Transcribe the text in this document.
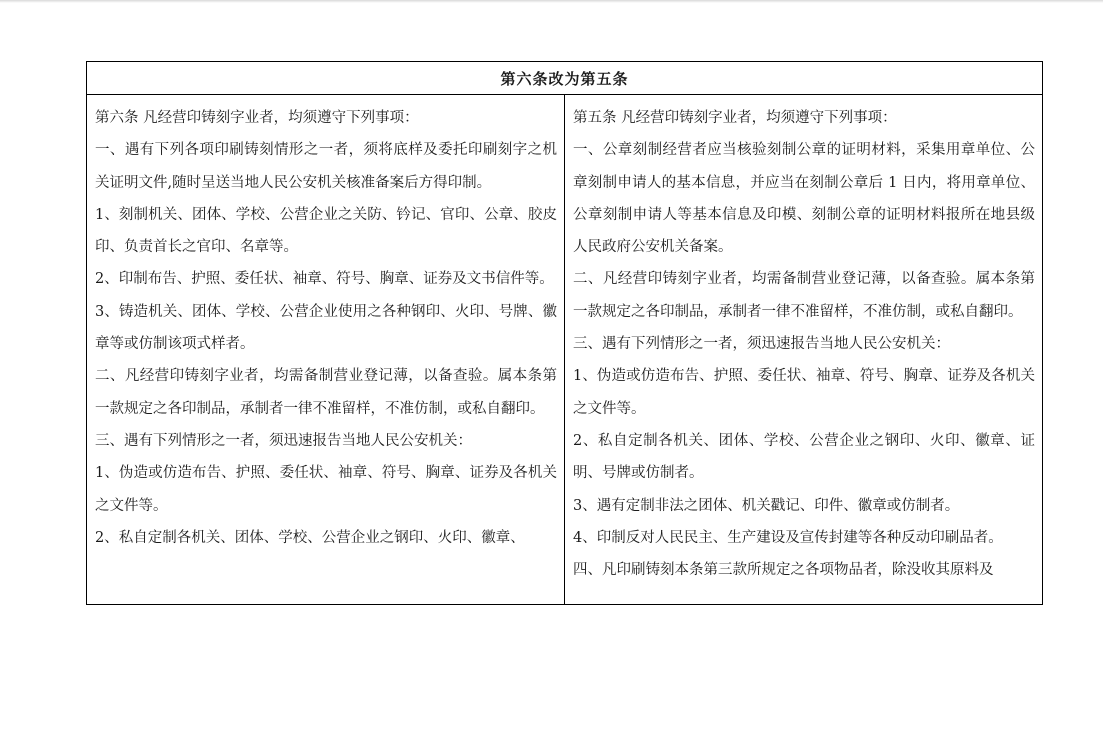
第六条改为第五条

第六条 凡经营印铸刻字业者，均须遵守下列事项：

一、遇有下列各项印刷铸刻情形之一者，须将底样及委托印刷刻字之机关证明文件,随时呈送当地人民公安机关核准备案后方得印制。

1、刻制机关、团体、学校、公营企业之关防、钤记、官印、公章、胶皮印、负责首长之官印、名章等。

2、印制布告、护照、委任状、袖章、符号、胸章、证券及文书信件等。

3、铸造机关、团体、学校、公营企业使用之各种钢印、火印、号牌、徽章等或仿制该项式样者。

二、凡经营印铸刻字业者，均需备制营业登记薄，以备查验。属本条第一款规定之各印制品，承制者一律不准留样，不准仿制，或私自翻印。

三、遇有下列情形之一者，须迅速报告当地人民公安机关：

1、伪造或仿造布告、护照、委任状、袖章、符号、胸章、证券及各机关之文件等。

2、私自定制各机关、团体、学校、公营企业之钢印、火印、徽章、

第五条 凡经营印铸刻字业者，均须遵守下列事项：

一、公章刻制经营者应当核验刻制公章的证明材料，采集用章单位、公章刻制申请人的基本信息，并应当在刻制公章后 1 日内，将用章单位、公章刻制申请人等基本信息及印模、刻制公章的证明材料报所在地县级人民政府公安机关备案。

二、凡经营印铸刻字业者，均需备制营业登记薄，以备查验。属本条第一款规定之各印制品，承制者一律不准留样，不准仿制，或私自翻印。

三、遇有下列情形之一者，须迅速报告当地人民公安机关：

1、伪造或仿造布告、护照、委任状、袖章、符号、胸章、证券及各机关之文件等。

2、私自定制各机关、团体、学校、公营企业之钢印、火印、徽章、证明、号牌或仿制者。

3、遇有定制非法之团体、机关戳记、印件、徽章或仿制者。

4、印制反对人民民主、生产建设及宣传封建等各种反动印刷品者。

四、凡印刷铸刻本条第三款所规定之各项物品者，除没收其原料及
